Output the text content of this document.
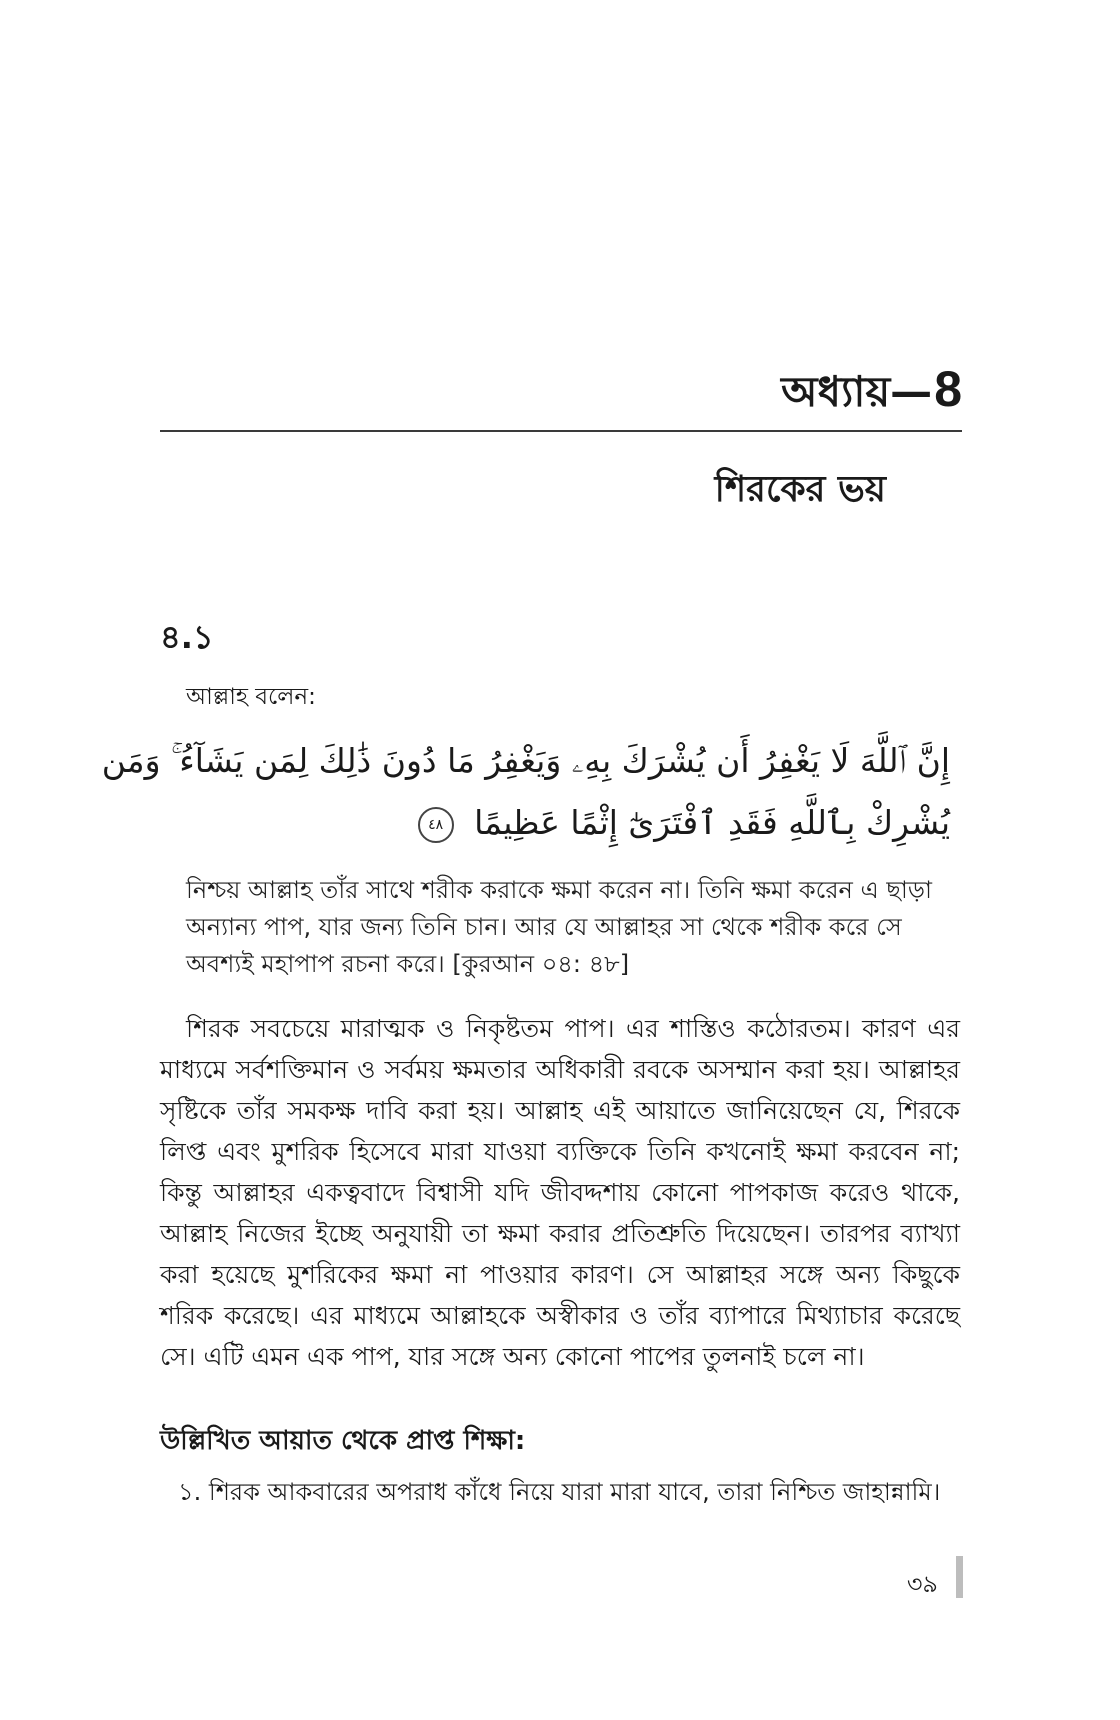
অধ্যায়—8
শিরকের ভয়
৪.১
আল্লাহ বলেন:
إِنَّ ٱللَّهَ لَا يَغْفِرُ أَن يُشْرَكَ بِهِۦ وَيَغْفِرُ مَا دُونَ ذَٰلِكَ لِمَن يَشَآءُ ۚ وَمَن
يُشْرِكْ بِٱللَّهِ فَقَدِ ٱفْتَرَىٰٓ إِثْمًا عَظِيمًا ٤٨
নিশ্চয় আল্লাহ তাঁর সাথে শরীক করাকে ক্ষমা করেন না। তিনি ক্ষমা করেন এ ছাড়া অন্যান্য পাপ, যার জন্য তিনি চান। আর যে আল্লাহর সা থেকে শরীক করে সে অবশ্যই মহাপাপ রচনা করে। [কুরআন ০৪: ৪৮]
শিরক সবচেয়ে মারাত্মক ও নিকৃষ্টতম পাপ। এর শাস্তিও কঠোরতম। কারণ এর মাধ্যমে সর্বশক্তিমান ও সর্বময় ক্ষমতার অধিকারী রবকে অসম্মান করা হয়। আল্লাহর সৃষ্টিকে তাঁর সমকক্ষ দাবি করা হয়। আল্লাহ এই আয়াতে জানিয়েছেন যে, শিরকে লিপ্ত এবং মুশরিক হিসেবে মারা যাওয়া ব্যক্তিকে তিনি কখনোই ক্ষমা করবেন না; কিন্তু আল্লাহর একত্ববাদে বিশ্বাসী যদি জীবদ্দশায় কোনো পাপকাজ করেও থাকে, আল্লাহ নিজের ইচ্ছে অনুযায়ী তা ক্ষমা করার প্রতিশ্রুতি দিয়েছেন। তারপর ব্যাখ্যা করা হয়েছে মুশরিকের ক্ষমা না পাওয়ার কারণ। সে আল্লাহর সঙ্গে অন্য কিছুকে শরিক করেছে। এর মাধ্যমে আল্লাহকে অস্বীকার ও তাঁর ব্যাপারে মিথ্যাচার করেছে সে। এটি এমন এক পাপ, যার সঙ্গে অন্য কোনো পাপের তুলনাই চলে না।
উল্লিখিত আয়াত থেকে প্রাপ্ত শিক্ষা:
১. শিরক আকবারের অপরাধ কাঁধে নিয়ে যারা মারা যাবে, তারা নিশ্চিত জাহান্নামি।
৩৯
